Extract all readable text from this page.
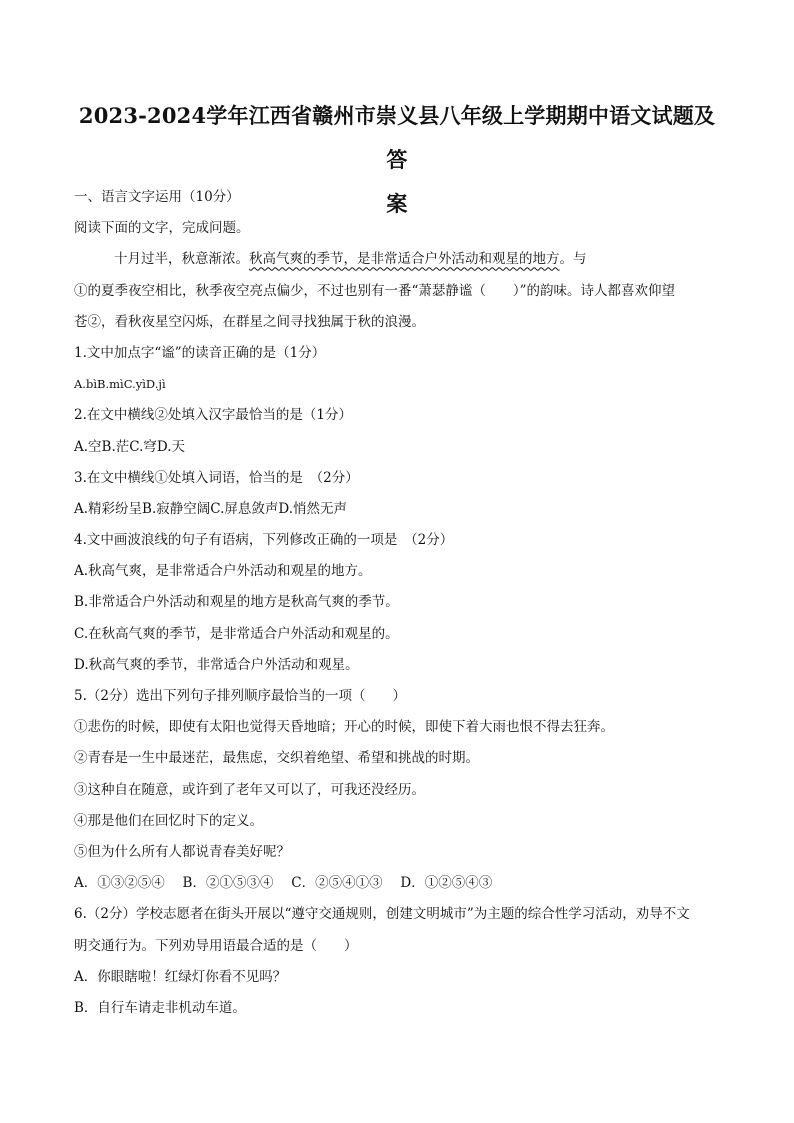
2023-2024学年江西省赣州市崇义县八年级上学期期中语文试题及答
案
一、语言文字运用（10分）
阅读下面的文字，完成问题。
十月过半，秋意渐浓。秋高气爽的季节，是非常适合户外活动和观星的地方。与
①的夏季夜空相比，秋季夜空亮点偏少，不过也别有一番“萧瑟静谧（　　）”的韵味。诗人都喜欢仰望
苍②，看秋夜星空闪烁，在群星之间寻找独属于秋的浪漫。
1.文中加点字“谧”的读音正确的是（1分）
A.bìB.mìC.yìD.jì
2.在文中横线②处填入汉字最恰当的是（1分）
A.空B.茫C.穹D.天
3.在文中横线①处填入词语，恰当的是　（2分）
A.精彩纷呈B.寂静空阔C.屏息敛声D.悄然无声
4.文中画波浪线的句子有语病，下列修改正确的一项是　（2分）
A.秋高气爽，是非常适合户外活动和观星的地方。
B.非常适合户外活动和观星的地方是秋高气爽的季节。
C.在秋高气爽的季节，是非常适合户外活动和观星的。
D.秋高气爽的季节，非常适合户外活动和观星。
5.（2分）选出下列句子排列顺序最恰当的一项（　　）
①悲伤的时候，即使有太阳也觉得天昏地暗；开心的时候，即使下着大雨也恨不得去狂奔。
②青春是一生中最迷茫，最焦虑，交织着绝望、希望和挑战的时期。
③这种自在随意，或许到了老年又可以了，可我还没经历。
④那是他们在回忆时下的定义。
⑤但为什么所有人都说青春美好呢？
A．①③②⑤④　 B．②①⑤③④　 C．②⑤④①③　 D．①②⑤④③
6.（2分）学校志愿者在街头开展以“遵守交通规则，创建文明城市”为主题的综合性学习活动，劝导不文
明交通行为。下列劝导用语最合适的是（　　）
A．你眼瞎啦！红绿灯你看不见吗？
B．自行车请走非机动车道。
